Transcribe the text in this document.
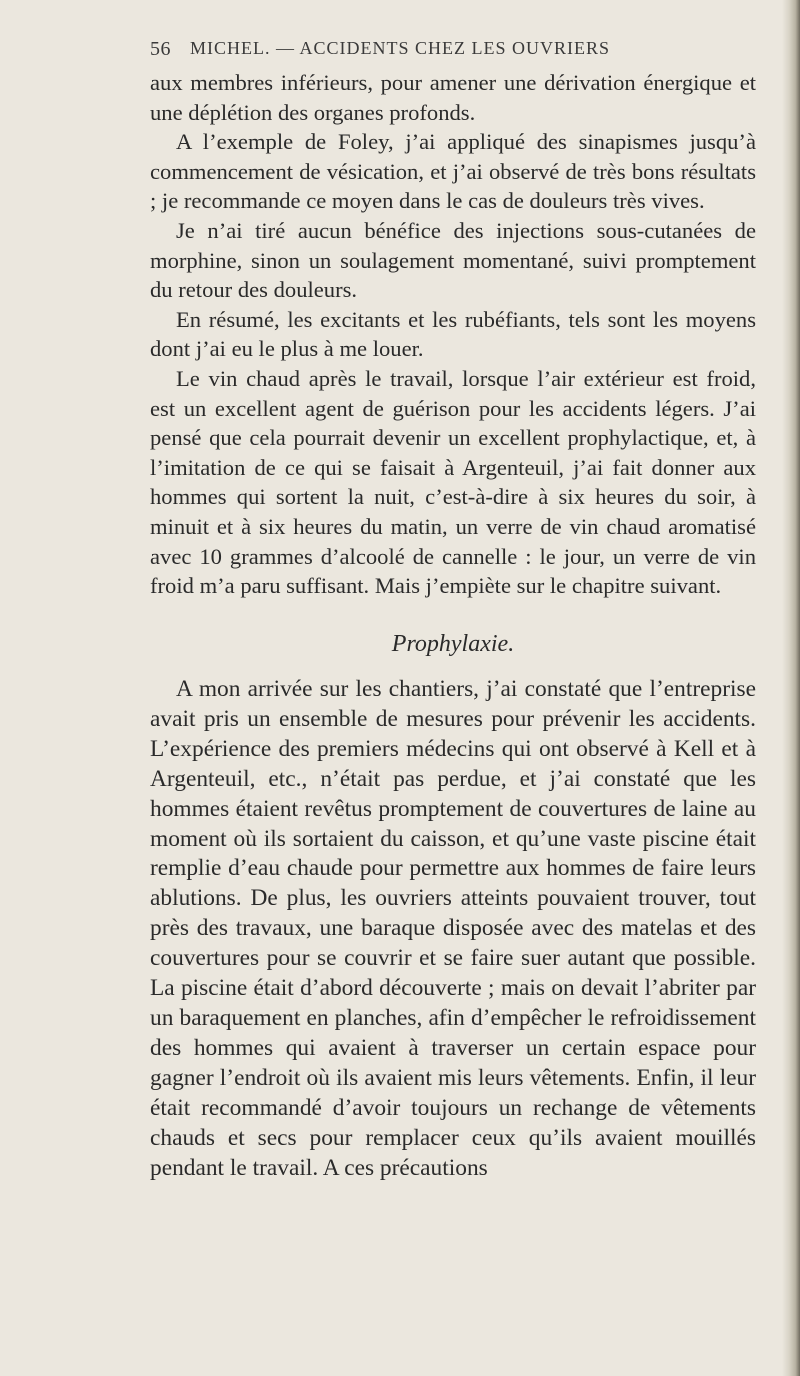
56 MICHEL. — ACCIDENTS CHEZ LES OUVRIERS

aux membres inférieurs, pour amener une dérivation énergique et une déplétion des organes profonds.

A l’exemple de Foley, j’ai appliqué des sinapismes jusqu’à commencement de vésication, et j’ai observé de très bons résultats ; je recommande ce moyen dans le cas de douleurs très vives.

Je n’ai tiré aucun bénéfice des injections sous-cutanées de morphine, sinon un soulagement momentané, suivi promptement du retour des douleurs.

En résumé, les excitants et les rubéfiants, tels sont les moyens dont j’ai eu le plus à me louer.

Le vin chaud après le travail, lorsque l’air extérieur est froid, est un excellent agent de guérison pour les accidents légers. J’ai pensé que cela pourrait devenir un excellent prophylactique, et, à l’imitation de ce qui se faisait à Argenteuil, j’ai fait donner aux hommes qui sortent la nuit, c’est-à-dire à six heures du soir, à minuit et à six heures du matin, un verre de vin chaud aromatisé avec 10 grammes d’alcoolé de cannelle : le jour, un verre de vin froid m’a paru suffisant. Mais j’empiète sur le chapitre suivant.

Prophylaxie.

A mon arrivée sur les chantiers, j’ai constaté que l’entreprise avait pris un ensemble de mesures pour prévenir les accidents. L’expérience des premiers médecins qui ont observé à Kell et à Argenteuil, etc., n’était pas perdue, et j’ai constaté que les hommes étaient revêtus promptement de couvertures de laine au moment où ils sortaient du caisson, et qu’une vaste piscine était remplie d’eau chaude pour permettre aux hommes de faire leurs ablutions. De plus, les ouvriers atteints pouvaient trouver, tout près des travaux, une baraque disposée avec des matelas et des couvertures pour se couvrir et se faire suer autant que possible. La piscine était d’abord découverte ; mais on devait l’abriter par un baraquement en planches, afin d’empêcher le refroidissement des hommes qui avaient à traverser un certain espace pour gagner l’endroit où ils avaient mis leurs vêtements. Enfin, il leur était recommandé d’avoir toujours un rechange de vêtements chauds et secs pour remplacer ceux qu’ils avaient mouillés pendant le travail. A ces précautions
